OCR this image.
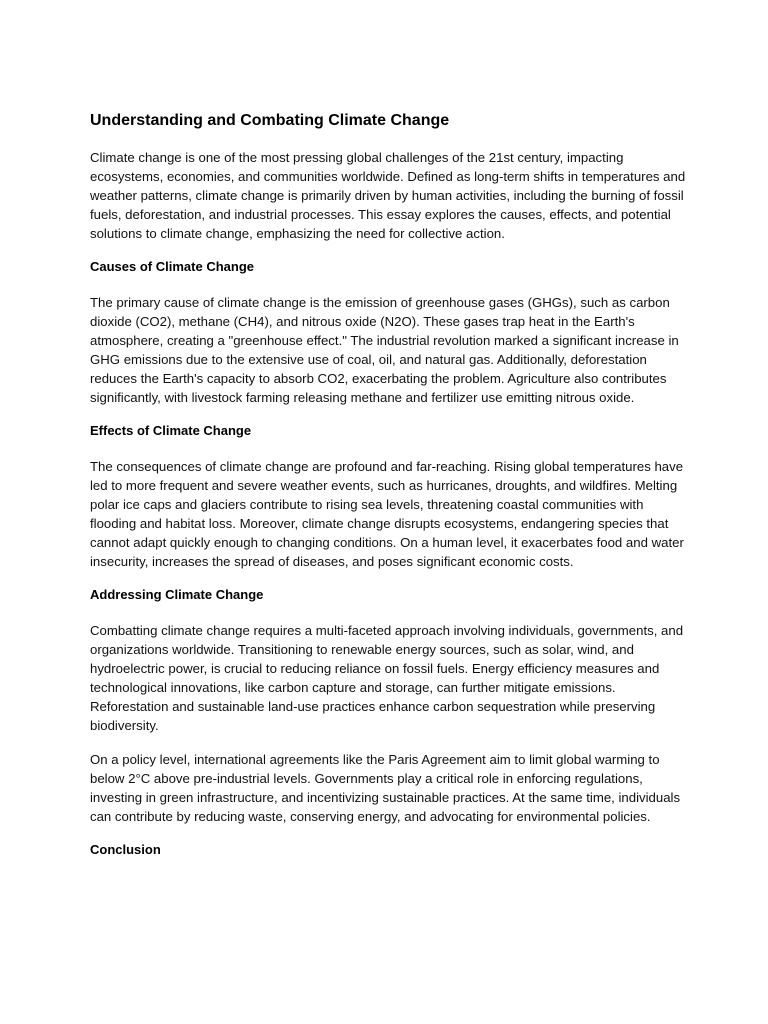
Understanding and Combating Climate Change

Climate change is one of the most pressing global challenges of the 21st century, impacting ecosystems, economies, and communities worldwide. Defined as long-term shifts in temperatures and weather patterns, climate change is primarily driven by human activities, including the burning of fossil fuels, deforestation, and industrial processes. This essay explores the causes, effects, and potential solutions to climate change, emphasizing the need for collective action.

Causes of Climate Change

The primary cause of climate change is the emission of greenhouse gases (GHGs), such as carbon dioxide (CO2), methane (CH4), and nitrous oxide (N2O). These gases trap heat in the Earth's atmosphere, creating a "greenhouse effect." The industrial revolution marked a significant increase in GHG emissions due to the extensive use of coal, oil, and natural gas. Additionally, deforestation reduces the Earth's capacity to absorb CO2, exacerbating the problem. Agriculture also contributes significantly, with livestock farming releasing methane and fertilizer use emitting nitrous oxide.

Effects of Climate Change

The consequences of climate change are profound and far-reaching. Rising global temperatures have led to more frequent and severe weather events, such as hurricanes, droughts, and wildfires. Melting polar ice caps and glaciers contribute to rising sea levels, threatening coastal communities with flooding and habitat loss. Moreover, climate change disrupts ecosystems, endangering species that cannot adapt quickly enough to changing conditions. On a human level, it exacerbates food and water insecurity, increases the spread of diseases, and poses significant economic costs.

Addressing Climate Change

Combatting climate change requires a multi-faceted approach involving individuals, governments, and organizations worldwide. Transitioning to renewable energy sources, such as solar, wind, and hydroelectric power, is crucial to reducing reliance on fossil fuels. Energy efficiency measures and technological innovations, like carbon capture and storage, can further mitigate emissions. Reforestation and sustainable land-use practices enhance carbon sequestration while preserving biodiversity.

On a policy level, international agreements like the Paris Agreement aim to limit global warming to below 2°C above pre-industrial levels. Governments play a critical role in enforcing regulations, investing in green infrastructure, and incentivizing sustainable practices. At the same time, individuals can contribute by reducing waste, conserving energy, and advocating for environmental policies.

Conclusion
